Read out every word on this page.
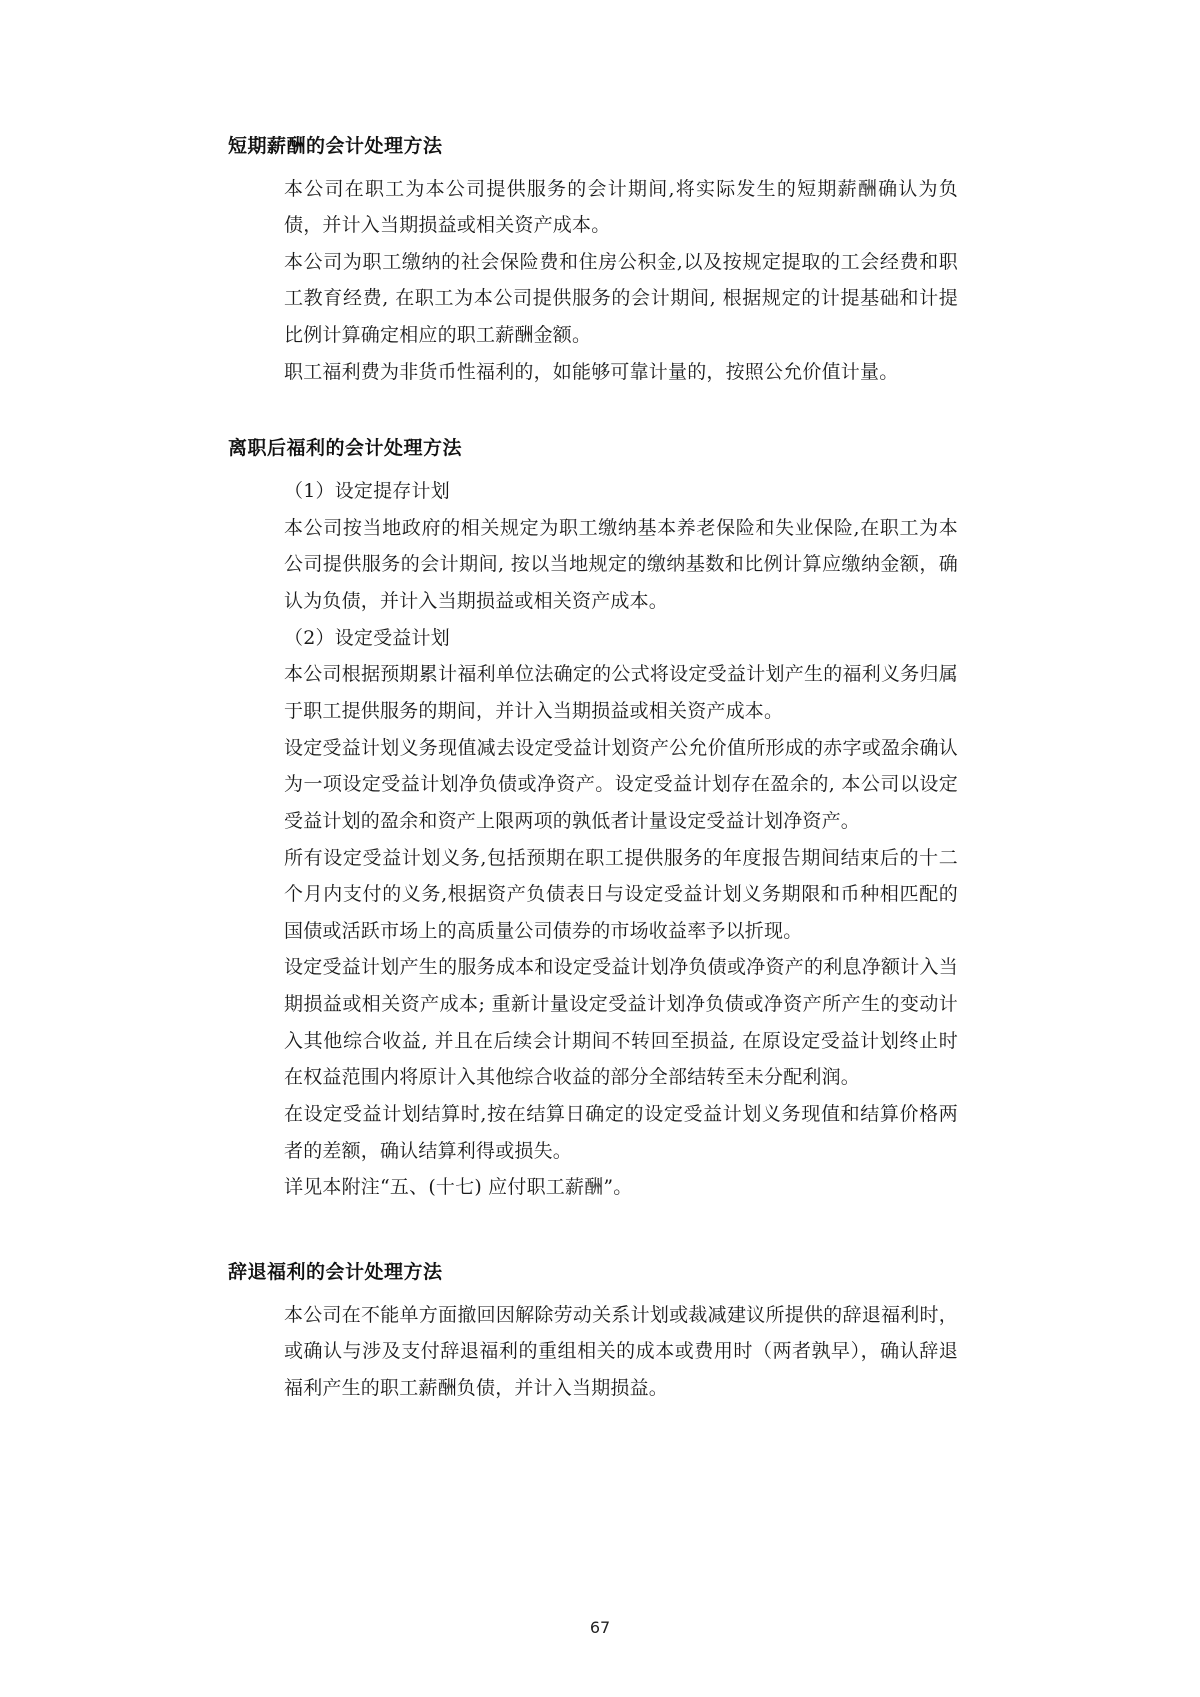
短期薪酬的会计处理方法

本公司在职工为本公司提供服务的会计期间,将实际发生的短期薪酬确认为负债，并计入当期损益或相关资产成本。

本公司为职工缴纳的社会保险费和住房公积金,以及按规定提取的工会经费和职工教育经费, 在职工为本公司提供服务的会计期间, 根据规定的计提基础和计提比例计算确定相应的职工薪酬金额。

职工福利费为非货币性福利的，如能够可靠计量的，按照公允价值计量。

离职后福利的会计处理方法

（1）设定提存计划

本公司按当地政府的相关规定为职工缴纳基本养老保险和失业保险,在职工为本公司提供服务的会计期间, 按以当地规定的缴纳基数和比例计算应缴纳金额，确认为负债，并计入当期损益或相关资产成本。

（2）设定受益计划

本公司根据预期累计福利单位法确定的公式将设定受益计划产生的福利义务归属于职工提供服务的期间，并计入当期损益或相关资产成本。

设定受益计划义务现值减去设定受益计划资产公允价值所形成的赤字或盈余确认为一项设定受益计划净负债或净资产。设定受益计划存在盈余的, 本公司以设定受益计划的盈余和资产上限两项的孰低者计量设定受益计划净资产。

所有设定受益计划义务,包括预期在职工提供服务的年度报告期间结束后的十二个月内支付的义务,根据资产负债表日与设定受益计划义务期限和币种相匹配的国债或活跃市场上的高质量公司债券的市场收益率予以折现。

设定受益计划产生的服务成本和设定受益计划净负债或净资产的利息净额计入当期损益或相关资产成本; 重新计量设定受益计划净负债或净资产所产生的变动计入其他综合收益, 并且在后续会计期间不转回至损益, 在原设定受益计划终止时在权益范围内将原计入其他综合收益的部分全部结转至未分配利润。

在设定受益计划结算时,按在结算日确定的设定受益计划义务现值和结算价格两者的差额，确认结算利得或损失。

详见本附注“五、(十七) 应付职工薪酬”。

辞退福利的会计处理方法

本公司在不能单方面撤回因解除劳动关系计划或裁减建议所提供的辞退福利时，或确认与涉及支付辞退福利的重组相关的成本或费用时（两者孰早），确认辞退福利产生的职工薪酬负债，并计入当期损益。

67
